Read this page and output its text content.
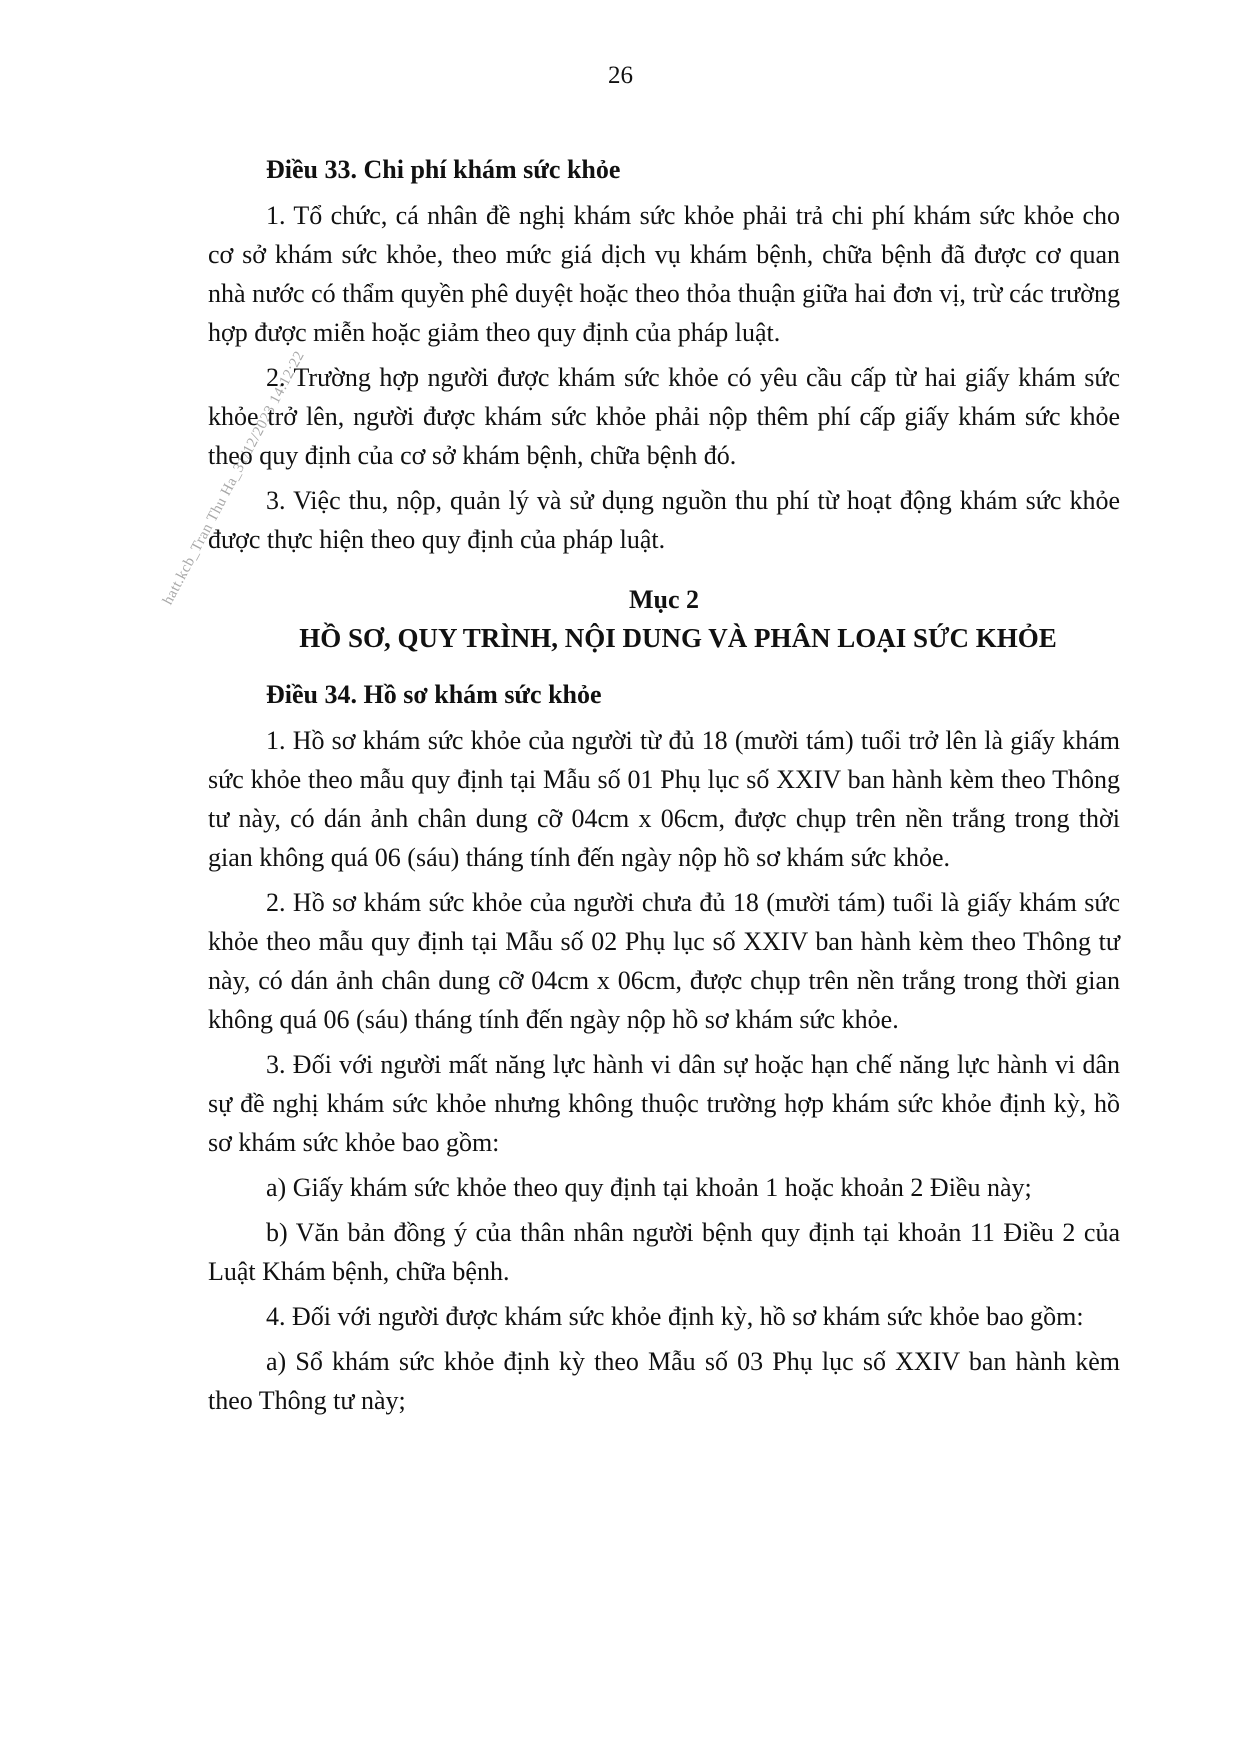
26
hatt.kcb_Tran Thu Ha_31/12/2023 14:12:22
Điều 33. Chi phí khám sức khỏe

1. Tổ chức, cá nhân đề nghị khám sức khỏe phải trả chi phí khám sức khỏe cho cơ sở khám sức khỏe, theo mức giá dịch vụ khám bệnh, chữa bệnh đã được cơ quan nhà nước có thẩm quyền phê duyệt hoặc theo thỏa thuận giữa hai đơn vị, trừ các trường hợp được miễn hoặc giảm theo quy định của pháp luật.

2. Trường hợp người được khám sức khỏe có yêu cầu cấp từ hai giấy khám sức khỏe trở lên, người được khám sức khỏe phải nộp thêm phí cấp giấy khám sức khỏe theo quy định của cơ sở khám bệnh, chữa bệnh đó.

3. Việc thu, nộp, quản lý và sử dụng nguồn thu phí từ hoạt động khám sức khỏe được thực hiện theo quy định của pháp luật.

Mục 2
HỒ SƠ, QUY TRÌNH, NỘI DUNG VÀ PHÂN LOẠI SỨC KHỎE
Điều 34. Hồ sơ khám sức khỏe

1. Hồ sơ khám sức khỏe của người từ đủ 18 (mười tám) tuổi trở lên là giấy khám sức khỏe theo mẫu quy định tại Mẫu số 01 Phụ lục số XXIV ban hành kèm theo Thông tư này, có dán ảnh chân dung cỡ 04cm x 06cm, được chụp trên nền trắng trong thời gian không quá 06 (sáu) tháng tính đến ngày nộp hồ sơ khám sức khỏe.

2. Hồ sơ khám sức khỏe của người chưa đủ 18 (mười tám) tuổi là giấy khám sức khỏe theo mẫu quy định tại Mẫu số 02 Phụ lục số XXIV ban hành kèm theo Thông tư này, có dán ảnh chân dung cỡ 04cm x 06cm, được chụp trên nền trắng trong thời gian không quá 06 (sáu) tháng tính đến ngày nộp hồ sơ khám sức khỏe.

3. Đối với người mất năng lực hành vi dân sự hoặc hạn chế năng lực hành vi dân sự đề nghị khám sức khỏe nhưng không thuộc trường hợp khám sức khỏe định kỳ, hồ sơ khám sức khỏe bao gồm:

a) Giấy khám sức khỏe theo quy định tại khoản 1 hoặc khoản 2 Điều này;

b) Văn bản đồng ý của thân nhân người bệnh quy định tại khoản 11 Điều 2 của Luật Khám bệnh, chữa bệnh.

4. Đối với người được khám sức khỏe định kỳ, hồ sơ khám sức khỏe bao gồm:

a) Sổ khám sức khỏe định kỳ theo Mẫu số 03 Phụ lục số XXIV ban hành kèm theo Thông tư này;
